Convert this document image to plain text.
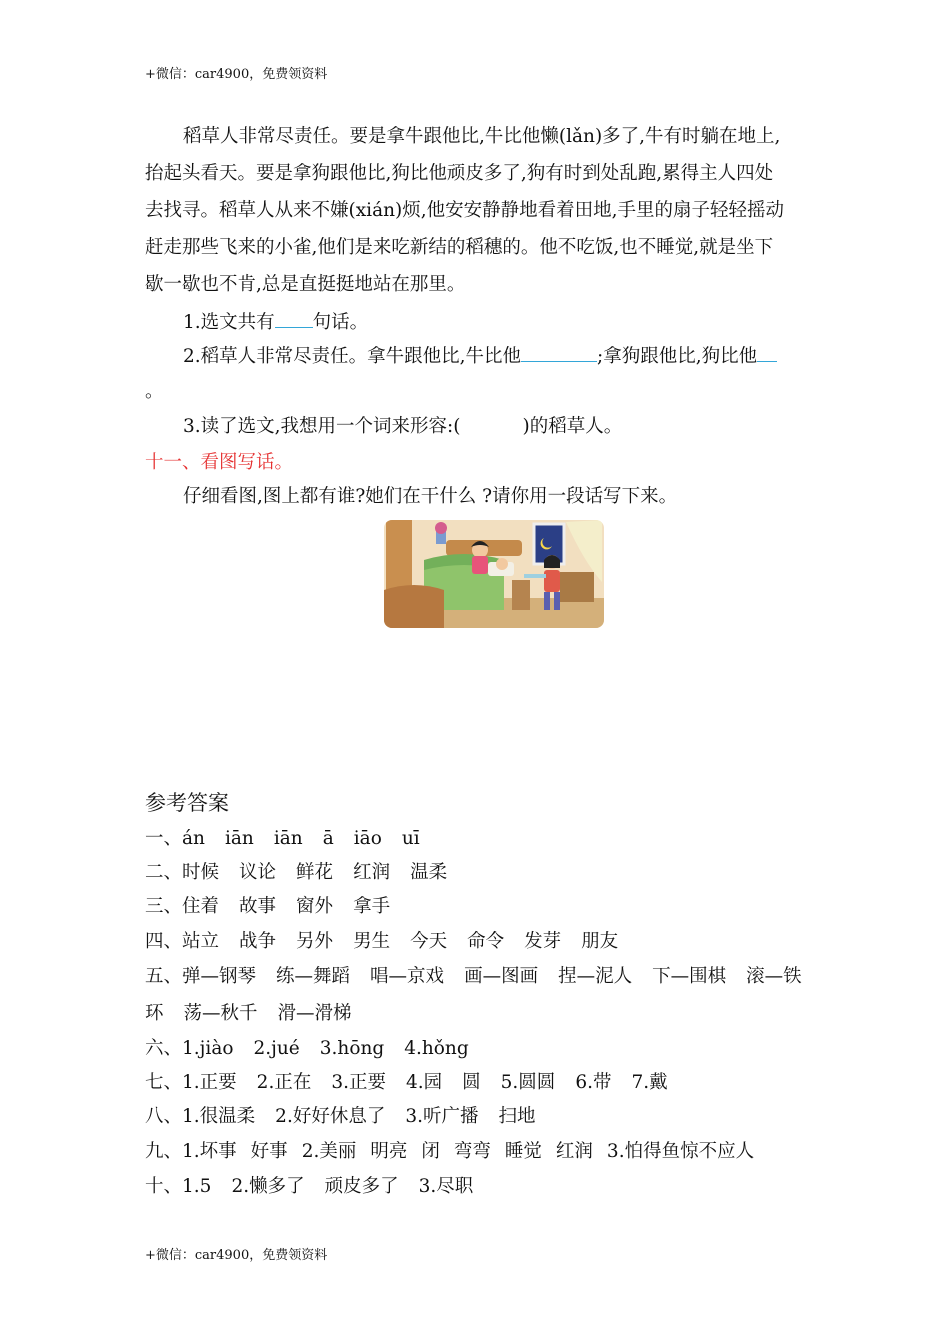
+微信：car4900，免费领资料
稻草人非常尽责任。要是拿牛跟他比,牛比他懒(lǎn)多了,牛有时躺在地上,
抬起头看天。要是拿狗跟他比,狗比他顽皮多了,狗有时到处乱跑,累得主人四处
去找寻。稻草人从来不嫌(xián)烦,他安安静静地看着田地,手里的扇子轻轻摇动
赶走那些飞来的小雀,他们是来吃新结的稻穗的。他不吃饭,也不睡觉,就是坐下
歇一歇也不肯,总是直挺挺地站在那里。
1.选文共有 句话。
2.稻草人非常尽责任。拿牛跟他比,牛比他	;拿狗跟他比,狗比他
。
3.读了选文,我想用一个词来形容:(	)的稻草人。
十一、看图写话。
仔细看图,图上都有谁?她们在干什么 ?请你用一段话写下来。
参考答案
一、án iān iān ā iāo uī
二、时候 议论 鲜花 红润 温柔
三、住着 故事 窗外 拿手
四、站立 战争 另外 男生 今天 命令 发芽 朋友
五、弹—钢琴 练—舞蹈 唱—京戏 画—图画 捏—泥人 下—围棋 滚—铁
环 荡—秋千 滑—滑梯
六、1.jiào 2.jué 3.hōng 4.hǒng
七、1.正要 2.正在 3.正要 4.园 圆 5.圆圆 6.带 7.戴
八、1.很温柔 2.好好休息了 3.听广播 扫地
九、1.坏事 好事 2.美丽 明亮 闭 弯弯 睡觉 红润 3.怕得鱼惊不应人
十、1.5 2.懒多了 顽皮多了 3.尽职
+微信：car4900，免费领资料
